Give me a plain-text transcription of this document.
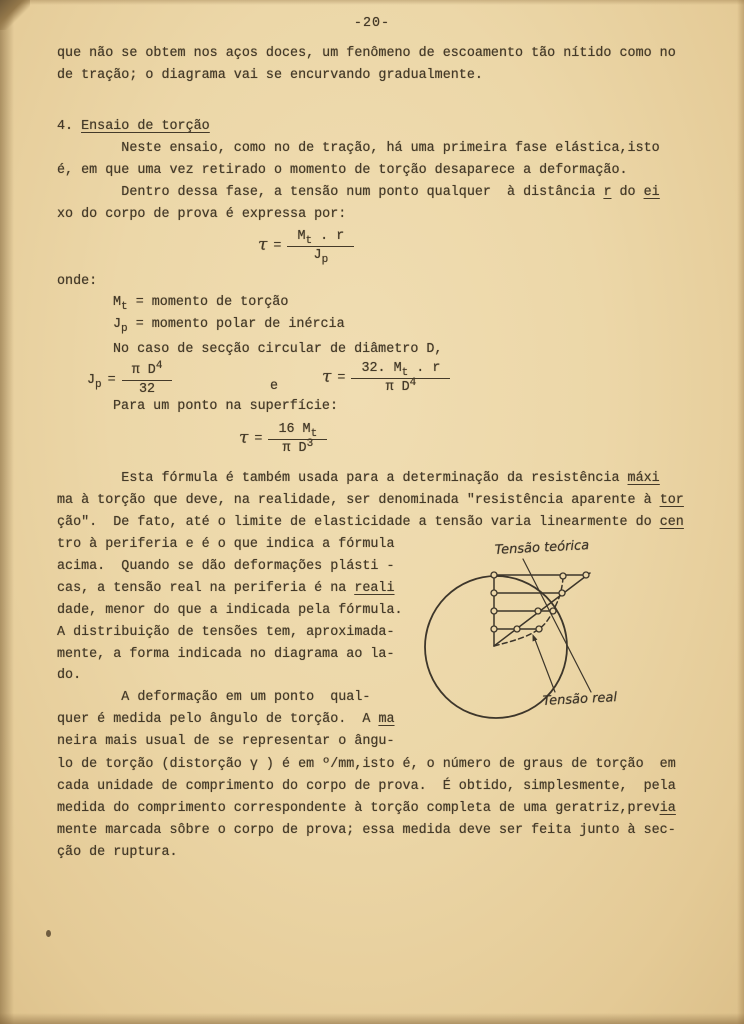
-20-
que não se obtem nos aços doces, um fenômeno de escoamento tão nítido como no
de tração; o diagrama vai se encurvando gradualmente.
4. Ensaio de torção
Neste ensaio, como no de tração, há uma primeira fase elástica,isto
é, em que uma vez retirado o momento de torção desaparece a deformação.
Dentro dessa fase, a tensão num ponto qualquer  à distância r do ei
xo do corpo de prova é expressa por:
$\tau = \frac{M_t . r}{J_p}$
onde:
$M_t$ = momento de torção
$J_p$ = momento polar de inércia
No caso de secção circular de diâmetro D,
$J_p = \frac{\pi D^4}{32}$	e	$\tau = \frac{32. M_t . r}{\pi D^4}$
Para um ponto na superfície:
$\tau = \frac{16 M_t}{\pi D^3}$
Esta fórmula é também usada para a determinação da resistência máxi
ma à torção que deve, na realidade, ser denominada "resistência aparente à tor
ção".  De fato, até o limite de elasticidade a tensão varia linearmente do cen
tro à periferia e é o que indica a fórmula
acima.  Quando se dão deformações plásti -
cas, a tensão real na periferia é na reali
dade, menor do que a indicada pela fórmula.
A distribuição de tensões tem, aproximada-
mente, a forma indicada no diagrama ao la-
do.
A deformação em um ponto  qual-
quer é medida pelo ângulo de torção.  A ma
neira mais usual de se representar o ângu-
lo de torção (distorção γ ) é em º/mm,isto é, o número de graus de torção  em
cada unidade de comprimento do corpo de prova.  É obtido, simplesmente,  pela
medida do comprimento correspondente à torção completa de uma geratriz,previa
mente marcada sôbre o corpo de prova; essa medida deve ser feita junto à sec-
ção de ruptura.
Tensão teórica
Tensão real
